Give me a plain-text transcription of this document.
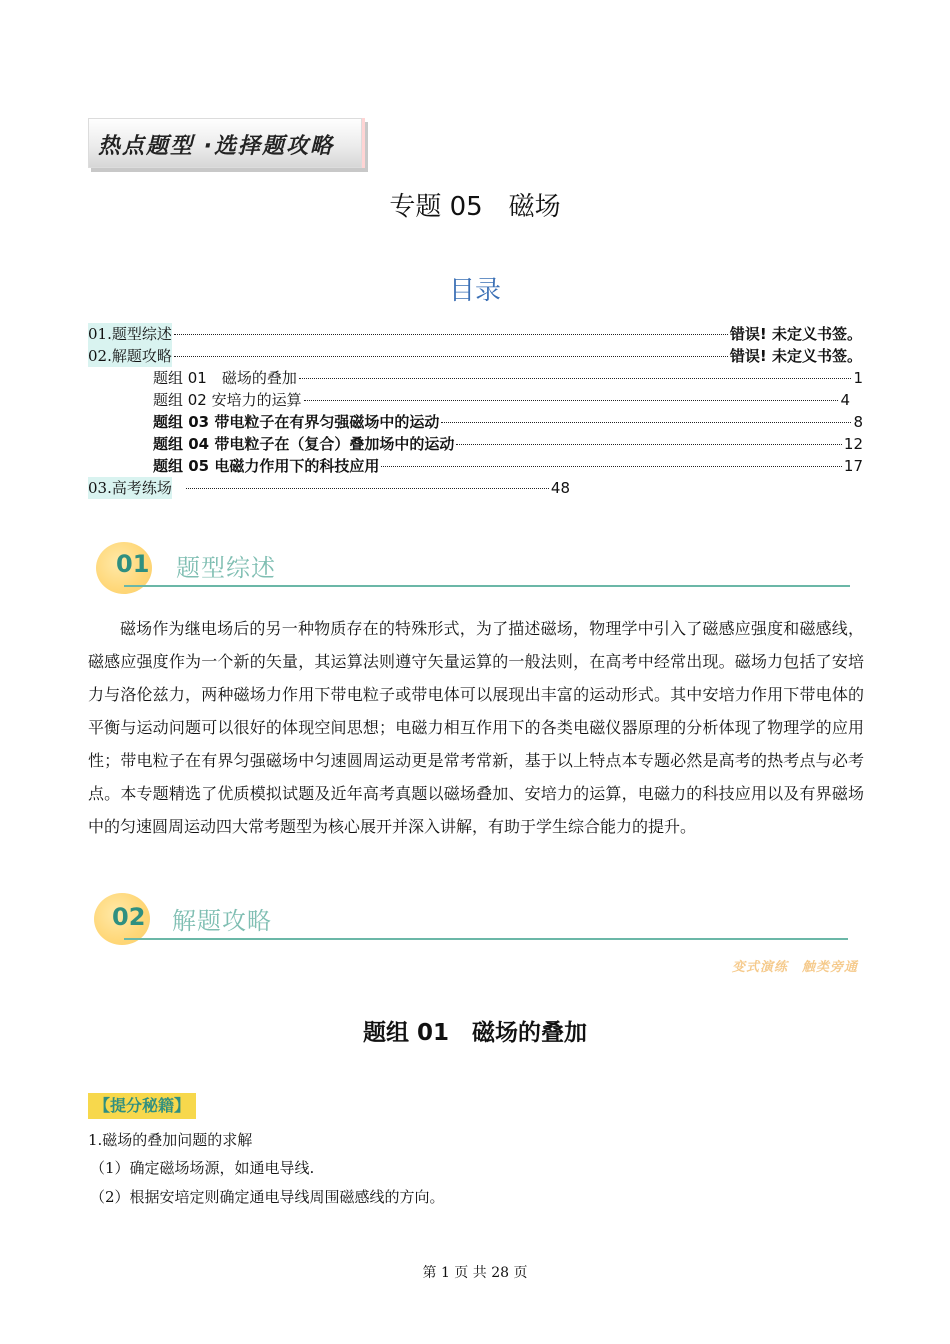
热点题型 ·选择题攻略
专题 05　磁场
目录
01.题型综述	错误! 未定义书签。
02.解题攻略	错误! 未定义书签。
题组 01　磁场的叠加	1
题组 02 安培力的运算	4
题组 03 带电粒子在有界匀强磁场中的运动	8
题组 04 带电粒子在（复合）叠加场中的运动	12
题组 05 电磁力作用下的科技应用	17
03.高考练场	48
01 题型综述
磁场作为继电场后的另一种物质存在的特殊形式，为了描述磁场，物理学中引入了磁感应强度和磁感线，磁感应强度作为一个新的矢量，其运算法则遵守矢量运算的一般法则，在高考中经常出现。磁场力包括了安培力与洛伦兹力，两种磁场力作用下带电粒子或带电体可以展现出丰富的运动形式。其中安培力作用下带电体的平衡与运动问题可以很好的体现空间思想；电磁力相互作用下的各类电磁仪器原理的分析体现了物理学的应用性；带电粒子在有界匀强磁场中匀速圆周运动更是常考常新，基于以上特点本专题必然是高考的热考点与必考点。本专题精选了优质模拟试题及近年高考真题以磁场叠加、安培力的运算，电磁力的科技应用以及有界磁场中的匀速圆周运动四大常考题型为核心展开并深入讲解，有助于学生综合能力的提升。
02 解题攻略
变式演练　触类旁通
题组 01　磁场的叠加
【提分秘籍】
1.磁场的叠加问题的求解
（1）确定磁场场源，如通电导线.
（2）根据安培定则确定通电导线周围磁感线的方向。
第 1 页 共 28 页
